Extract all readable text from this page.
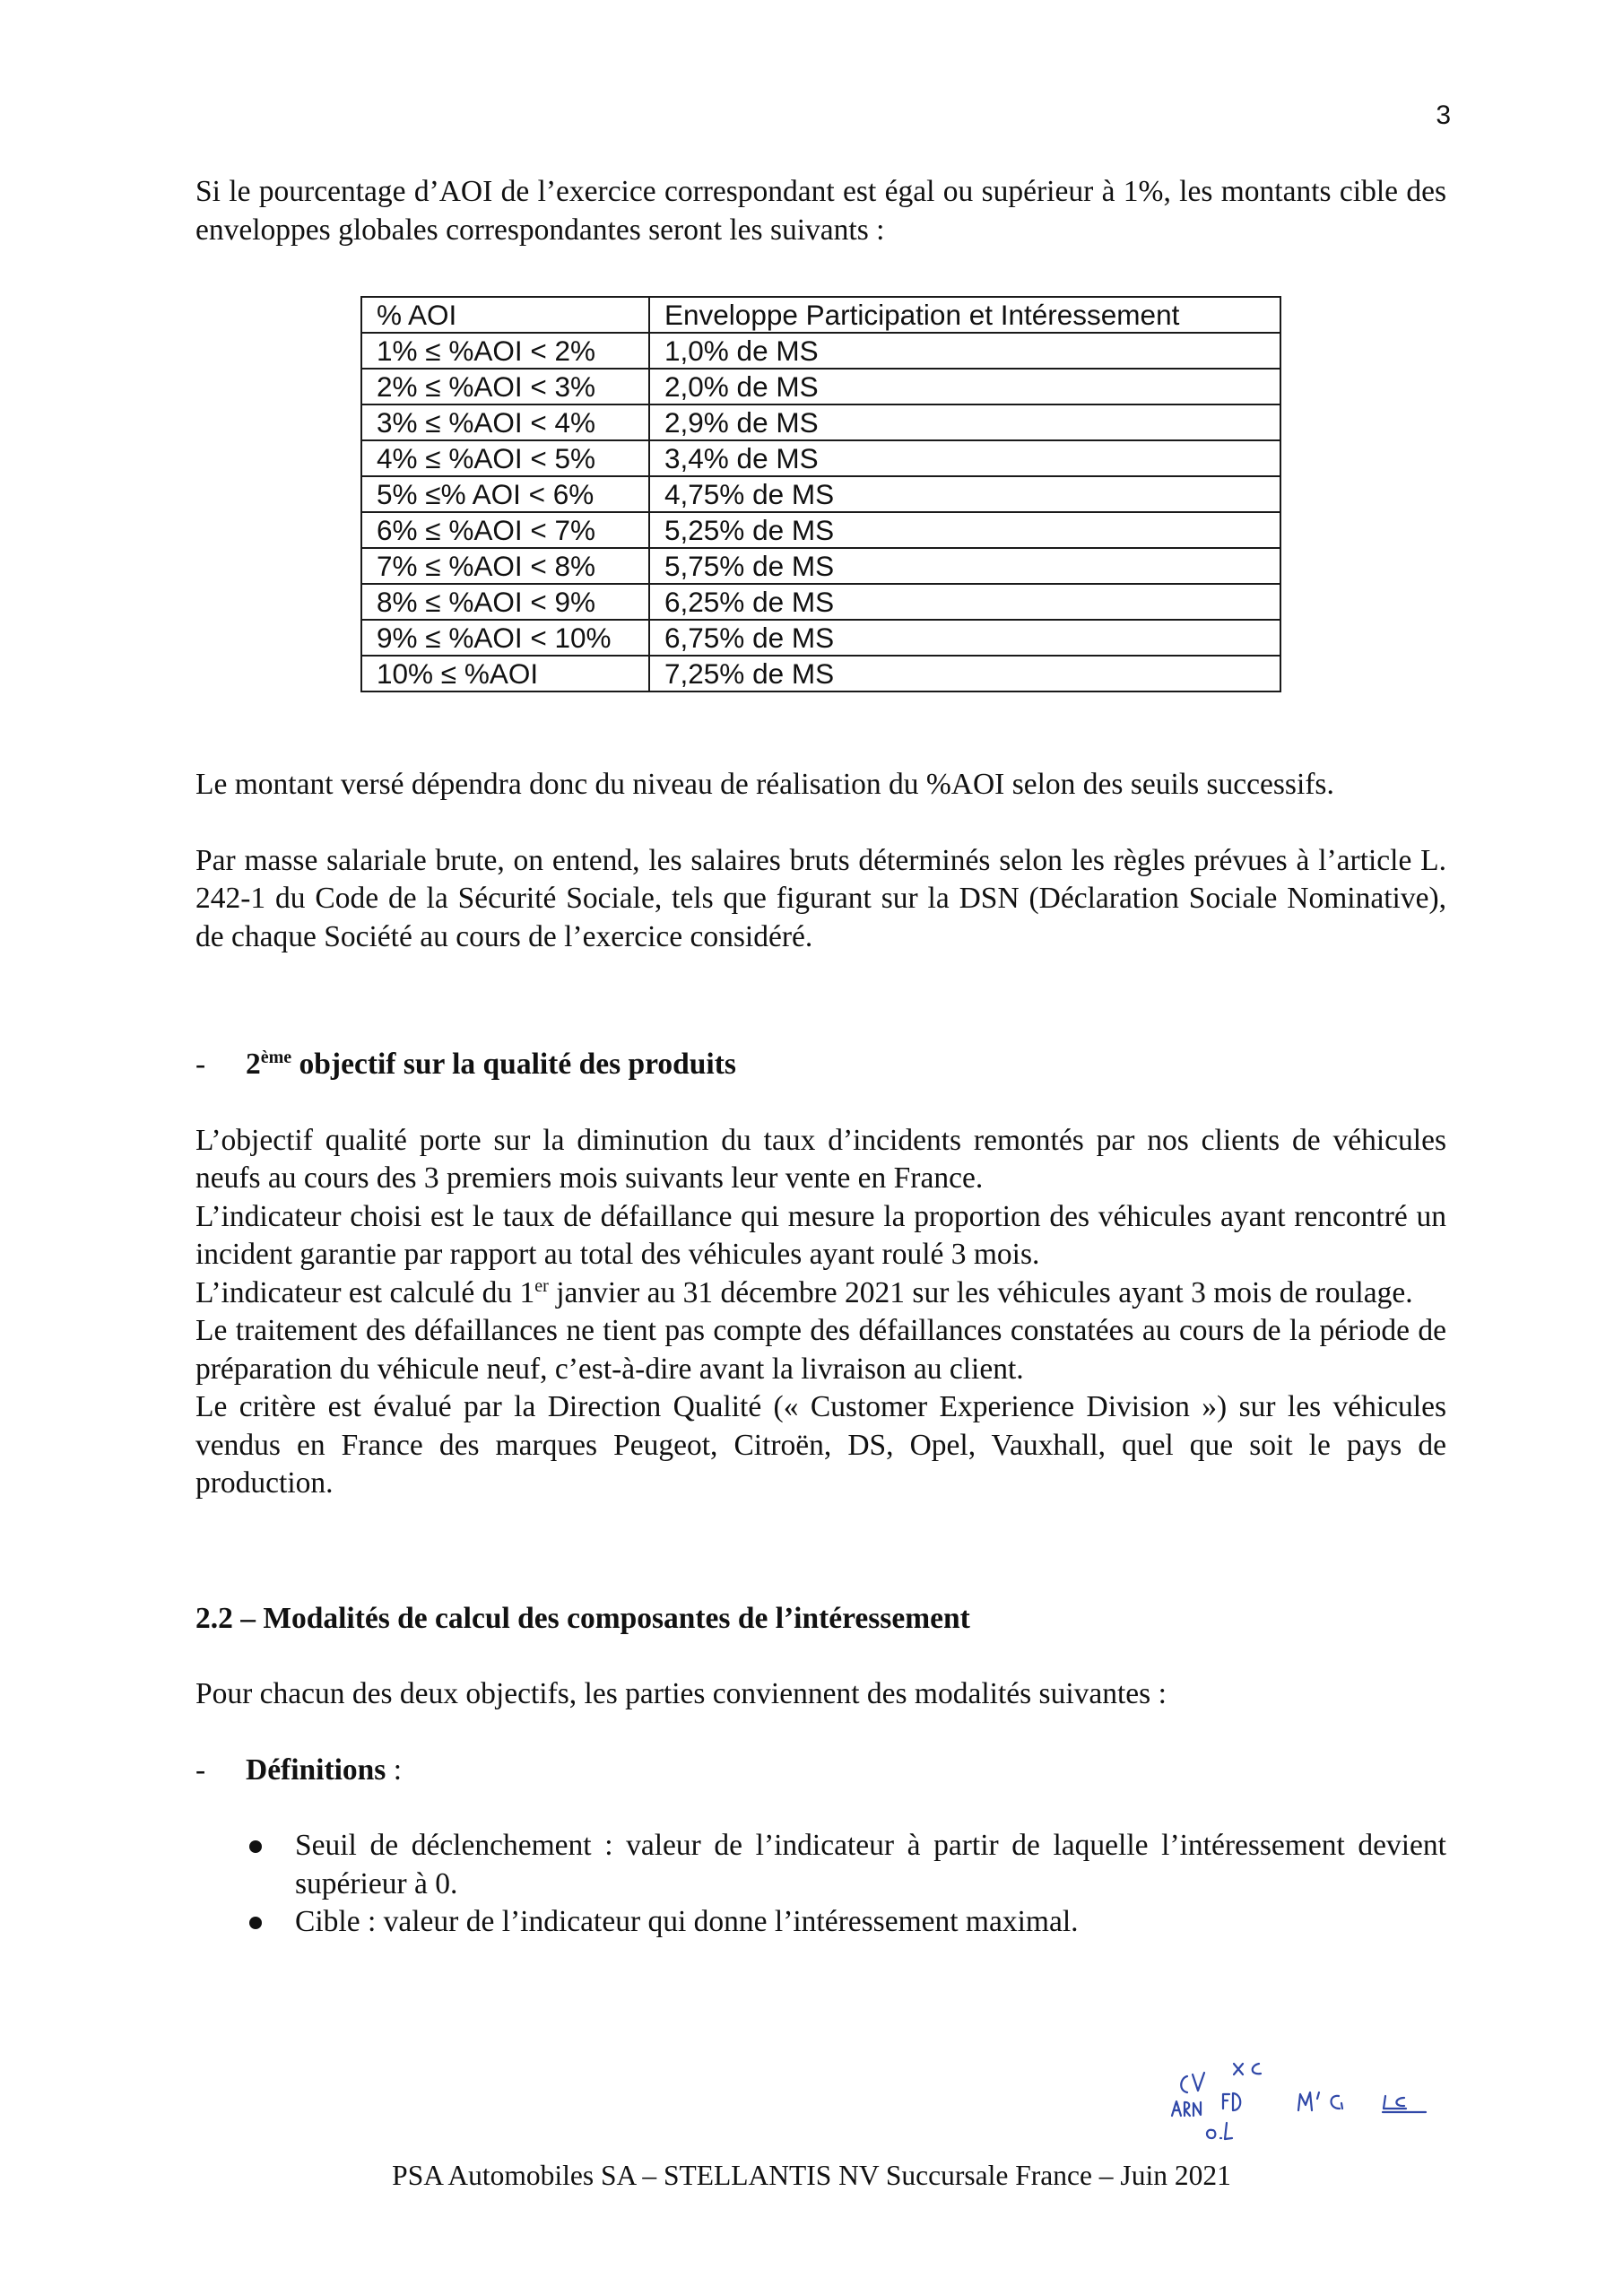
3

Si le pourcentage d’AOI de l’exercice correspondant est égal ou supérieur à 1%, les montants cible des enveloppes globales correspondantes seront les suivants :

% AOI	Enveloppe Participation et Intéressement
1% ≤ %AOI < 2%	1,0% de MS
2% ≤ %AOI < 3%	2,0% de MS
3% ≤ %AOI < 4%	2,9% de MS
4% ≤ %AOI < 5%	3,4% de MS
5% ≤% AOI < 6%	4,75% de MS
6% ≤ %AOI < 7%	5,25% de MS
7% ≤ %AOI < 8%	5,75% de MS
8% ≤ %AOI < 9%	6,25% de MS
9% ≤ %AOI < 10%	6,75% de MS
10% ≤ %AOI	7,25% de MS

Le montant versé dépendra donc du niveau de réalisation du %AOI selon des seuils successifs.

Par masse salariale brute, on entend, les salaires bruts déterminés selon les règles prévues à l’article L. 242-1 du Code de la Sécurité Sociale, tels que figurant sur la DSN (Déclaration Sociale Nominative), de chaque Société au cours de l’exercice considéré.

-	2ème objectif sur la qualité des produits

L’objectif qualité porte sur la diminution du taux d’incidents remontés par nos clients de véhicules neufs au cours des 3 premiers mois suivants leur vente en France.

L’indicateur choisi est le taux de défaillance qui mesure la proportion des véhicules ayant rencontré un incident garantie par rapport au total des véhicules ayant roulé 3 mois.

L’indicateur est calculé du 1er janvier au 31 décembre 2021 sur les véhicules ayant 3 mois de roulage.

Le traitement des défaillances ne tient pas compte des défaillances constatées au cours de la période de préparation du véhicule neuf, c’est-à-dire avant la livraison au client.

Le critère est évalué par la Direction Qualité (« Customer Experience Division ») sur les véhicules vendus en France des marques Peugeot, Citroën, DS, Opel, Vauxhall, quel que soit le pays de production.

2.2 – Modalités de calcul des composantes de l’intéressement

Pour chacun des deux objectifs, les parties conviennent des modalités suivantes :

-	Définitions :
Seuil de déclenchement : valeur de l’indicateur à partir de laquelle l’intéressement devient supérieur à 0.
Cible : valeur de l’indicateur qui donne l’intéressement maximal.
PSA Automobiles SA – STELLANTIS NV Succursale France – Juin 2021
